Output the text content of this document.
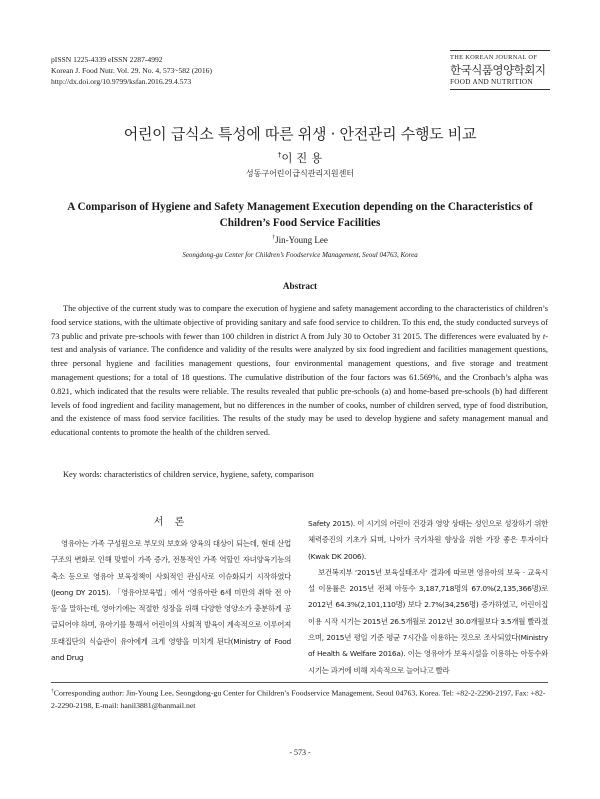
pISSN 1225-4339 eISSN 2287-4992
Korean J. Food Nutr. Vol. 29. No. 4, 573~582 (2016)
http://dx.doi.org/10.9799/ksfan.2016.29.4.573
THE KOREAN JOURNAL OF
한국식품영양학회지
FOOD AND NUTRITION
어린이 급식소 특성에 따른 위생 · 안전관리 수행도 비교
†이 진 용
성동구어린이급식관리지원센터
A Comparison of Hygiene and Safety Management Execution depending on the Characteristics of Children’s Food Service Facilities
†Jin-Young Lee
Seongdong-gu Center for Children’s Foodservice Management, Seoul 04763, Korea
Abstract
The objective of the current study was to compare the execution of hygiene and safety management according to the characteristics of children’s food service stations, with the ultimate objective of providing sanitary and safe food service to children. To this end, the study conducted surveys of 73 public and private pre-schools with fewer than 100 children in district A from July 30 to October 31 2015. The differences were evaluated by t-test and analysis of variance. The confidence and validity of the results were analyzed by six food ingredient and facilities management questions, three personal hygiene and facilities management questions, four environmental management questions, and five storage and treatment management questions; for a total of 18 questions. The cumulative distribution of the four factors was 61.569%, and the Cronbach’s alpha was 0.821, which indicated that the results were reliable. The results revealed that public pre-schools (a) and home-based pre-schools (b) had different levels of food ingredient and facility management, but no differences in the number of cooks, number of children served, type of food distribution, and the existence of mass food service facilities. The results of the study may be used to develop hygiene and safety management manual and educational contents to promote the health of the children served.
Key words: characteristics of children service, hygiene, safety, comparison
서 론

영유아는 가족 구성원으로 부모의 보호와 양육의 대상이 되는데, 현대 산업구조의 변화로 인해 맞벌이 가족 증가, 전통적인 가족 역할인 자녀양육기능의 축소 등으로 영유아 보육정책이 사회적인 관심사로 이슈화되기 시작하였다(Jeong DY 2015). 「영유아보육법」에서 ‘영유아란 6세 미만의 취학 전 아동’을 말하는데, 영아기에는 적절한 성장을 위해 다양한 영양소가 충분하게 공급되어야 하며, 유아기를 통해서 어린이의 사회적 발육이 계속적으로 이루어져 또래집단의 식습관이 유아에게 크게 영향을 미치게 된다(Ministry of Food and Drug

Safety 2015). 이 시기의 어린이 건강과 영양 상태는 성인으로 성장하기 위한 체력증진의 기초가 되며, 나아가 국가차원 향상을 위한 가장 좋은 투자이다(Kwak DK 2006).

보건복지부 ‘2015년 보육실태조사’ 결과에 따르면 영유아의 보육 · 교육시설 이용률은 2015년 전체 아동수 3,187,718명의 67.0%(2,135,366명)로 2012년 64.3%(2,101,110명) 보다 2.7%(34,256명) 증가하였고, 어린이집 이용 시작 시기는 2015년 26.5개월로 2012년 30.0개월보다 3.5개월 빨라졌으며, 2015년 평일 기준 평균 7시간을 이용하는 것으로 조사되었다(Ministry of Health & Welfare 2016a). 이는 영유아가 보육시설을 이용하는 아동수와 시기는 과거에 비해 지속적으로 늘어나고 빨라

†Corresponding author: Jin-Young Lee, Seongdong-gu Center for Children’s Foodservice Management, Seoul 04763, Korea. Tel: +82-2-2290-2197, Fax: +82-2-2290-2198, E-mail: hanil3881@hanmail.net
- 573 -
